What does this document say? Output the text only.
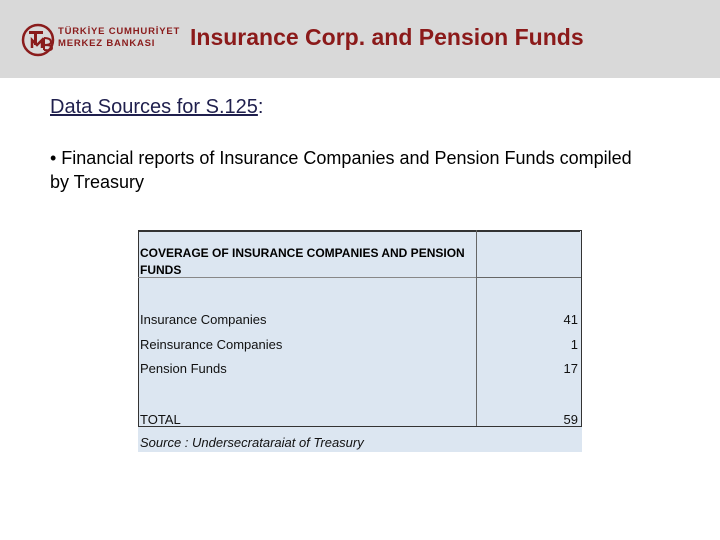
TÜRKİYE CUMHURİYET
MERKEZ BANKASI	Insurance Corp. and Pension Funds
Data Sources for S.125:
• Financial reports of Insurance Companies and Pension Funds compiled by Treasury
COVERAGE OF INSURANCE COMPANIES AND PENSION FUNDS
Insurance Companies	41
Reinsurance Companies	1
Pension Funds	17
TOTAL	59
Source : Undersecrataraiat of Treasury
